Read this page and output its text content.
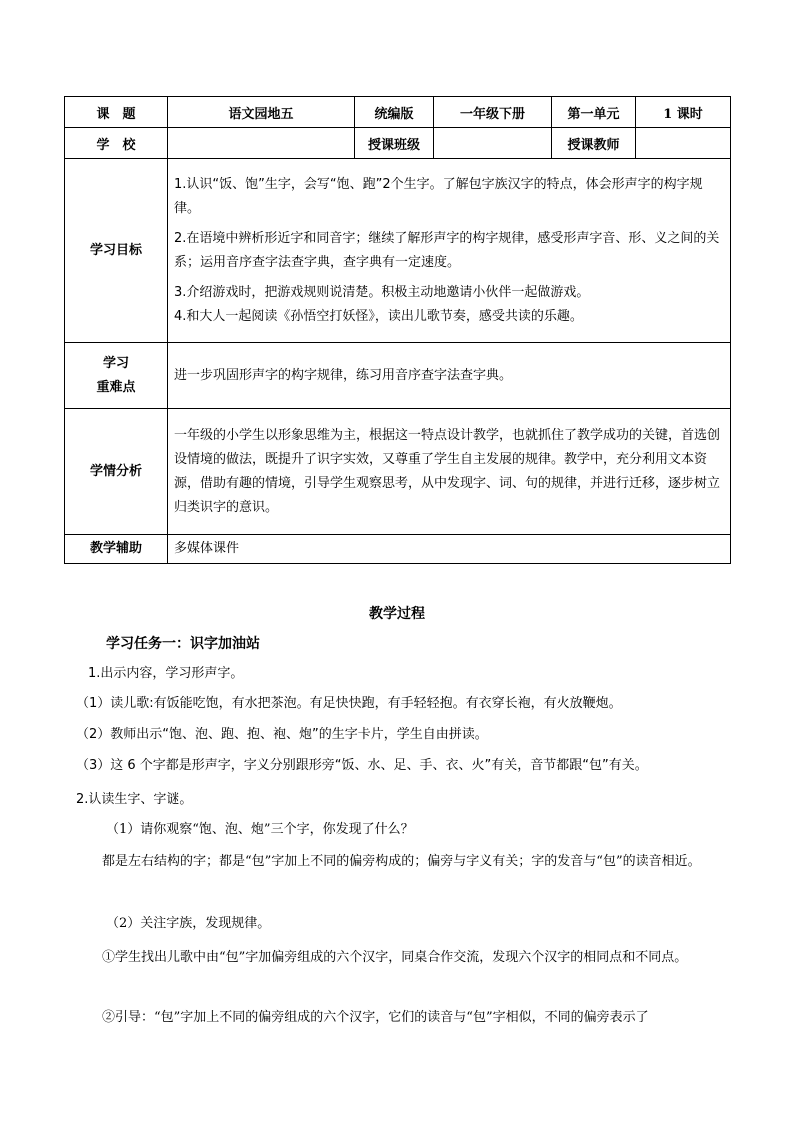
课　题	语文园地五	统编版	一年级下册	第一单元	1 课时
学　校		授课班级		授课教师	
学习目标	1.认识“饭、饱”生字，会写“饱、跑”2个生字。了解包字族汉字的特点，体会形声字的构字规律。
2.在语境中辨析形近字和同音字；继续了解形声字的构字规律，感受形声字音、形、义之间的关系；运用音序查字法查字典，查字典有一定速度。
3.介绍游戏时，把游戏规则说清楚。积极主动地邀请小伙伴一起做游戏。
4.和大人一起阅读《孙悟空打妖怪》，读出儿歌节奏，感受共读的乐趣。				

学习
重难点	进一步巩固形声字的构字规律，练习用音序查字法查字典。				
学情分析	一年级的小学生以形象思维为主，根据这一特点设计教学，也就抓住了教学成功的关键，首选创设情境的做法，既提升了识字实效，又尊重了学生自主发展的规律。教学中，充分利用文本资源，借助有趣的情境，引导学生观察思考，从中发现字、词、句的规律，并进行迁移，逐步树立归类识字的意识。				
教学辅助	多媒体课件				
教学过程
学习任务一：识字加油站
1.出示内容，学习形声字。
（1）读儿歌:有饭能吃饱，有水把茶泡。有足快快跑，有手轻轻抱。有衣穿长袍，有火放鞭炮。
（2）教师出示“饱、泡、跑、抱、袍、炮”的生字卡片，学生自由拼读。
（3）这 6 个字都是形声字，字义分别跟形旁“饭、水、足、手、衣、火”有关，音节都跟“包”有关。
2.认读生字、字谜。
（1）请你观察“饱、泡、炮”三个字，你发现了什么？
都是左右结构的字；都是“包”字加上不同的偏旁构成的；偏旁与字义有关；字的发音与“包”的读音相近。
（2）关注字族，发现规律。
①学生找出儿歌中由“包”字加偏旁组成的六个汉字，同桌合作交流，发现六个汉字的相同点和不同点。
②引导：“包”字加上不同的偏旁组成的六个汉字，它们的读音与“包”字相似，不同的偏旁表示了
